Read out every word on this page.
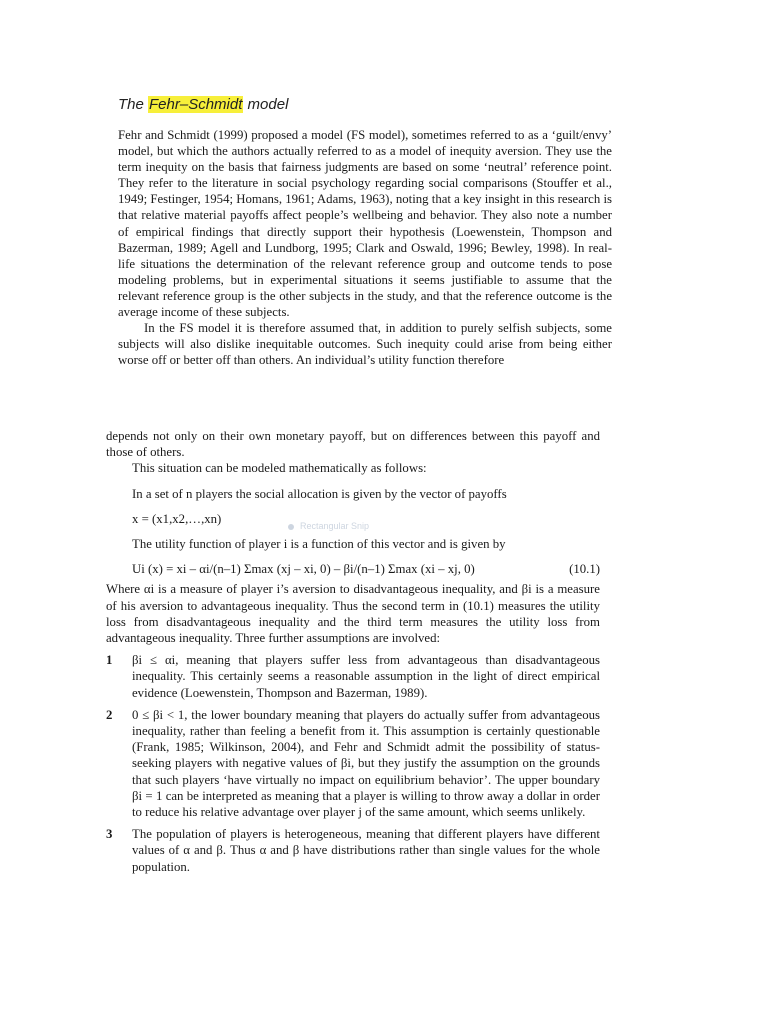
The Fehr–Schmidt model

Fehr and Schmidt (1999) proposed a model (FS model), sometimes referred to as a ‘guilt/envy’ model, but which the authors actually referred to as a model of inequity aversion. They use the term inequity on the basis that fairness judgments are based on some ‘neutral’ reference point. They refer to the literature in social psychology regarding social comparisons (Stouffer et al., 1949; Festinger, 1954; Homans, 1961; Adams, 1963), noting that a key insight in this research is that relative material payoffs affect people’s wellbeing and behavior. They also note a number of empirical findings that directly support their hypothesis (Loewenstein, Thompson and Bazerman, 1989; Agell and Lundborg, 1995; Clark and Oswald, 1996; Bewley, 1998). In real-life situations the determination of the relevant reference group and outcome tends to pose modeling problems, but in experimental situations it seems justifiable to assume that the relevant reference group is the other subjects in the study, and that the reference outcome is the average income of these subjects.

In the FS model it is therefore assumed that, in addition to purely selfish subjects, some subjects will also dislike inequitable outcomes. Such inequity could arise from being either worse off or better off than others. An individual’s utility function therefore

Rectangular Snip

depends not only on their own monetary payoff, but on differences between this payoff and those of others.

This situation can be modeled mathematically as follows:

In a set of n players the social allocation is given by the vector of payoffs

x = (x1,x2,…,xn)

The utility function of player i is a function of this vector and is given by

Ui (x) = xi – αi/(n–1) Σmax (xj – xi, 0) – βi/(n–1) Σmax (xi – xj, 0)	(10.1)

Where αi is a measure of player i’s aversion to disadvantageous inequality, and βi is a measure of his aversion to advantageous inequality. Thus the second term in (10.1) measures the utility loss from disadvantageous inequality and the third term measures the utility loss from advantageous inequality. Three further assumptions are involved:

1 βi ≤ αi, meaning that players suffer less from advantageous than disadvantageous inequality. This certainly seems a reasonable assumption in the light of direct empirical evidence (Loewenstein, Thompson and Bazerman, 1989).
2 0 ≤ βi < 1, the lower boundary meaning that players do actually suffer from advantageous inequality, rather than feeling a benefit from it. This assumption is certainly questionable (Frank, 1985; Wilkinson, 2004), and Fehr and Schmidt admit the possibility of status-seeking players with negative values of βi, but they justify the assumption on the grounds that such players ‘have virtually no impact on equilibrium behavior’. The upper boundary βi = 1 can be interpreted as meaning that a player is willing to throw away a dollar in order to reduce his relative advantage over player j of the same amount, which seems unlikely.
3 The population of players is heterogeneous, meaning that different players have different values of α and β. Thus α and β have distributions rather than single values for the whole population.
